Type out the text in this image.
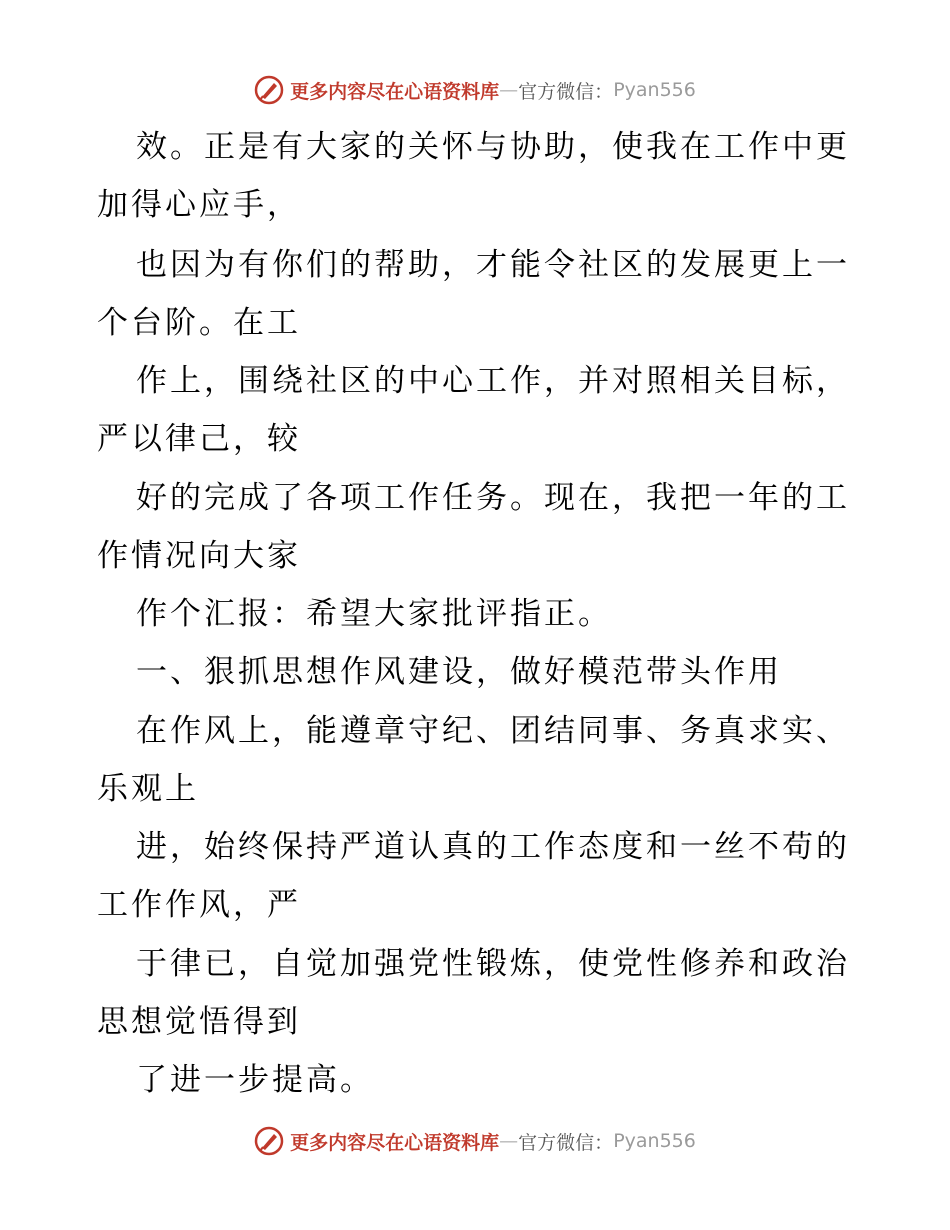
更多内容尽在心语资料库 — 官方微信： Pyan556
效。正是有大家的关怀与协助，使我在工作中更
加得心应手，
也因为有你们的帮助，才能令社区的发展更上一
个台阶。在工
作上，围绕社区的中心工作，并对照相关目标，
严以律己，较
好的完成了各项工作任务。现在，我把一年的工
作情况向大家
作个汇报：希望大家批评指正。
一、狠抓思想作风建设，做好模范带头作用
在作风上，能遵章守纪、团结同事、务真求实、
乐观上
进，始终保持严道认真的工作态度和一丝不苟的
工作作风，严
于律已，自觉加强党性锻炼，使党性修养和政治
思想觉悟得到
了进一步提高。
更多内容尽在心语资料库 — 官方微信： Pyan556
